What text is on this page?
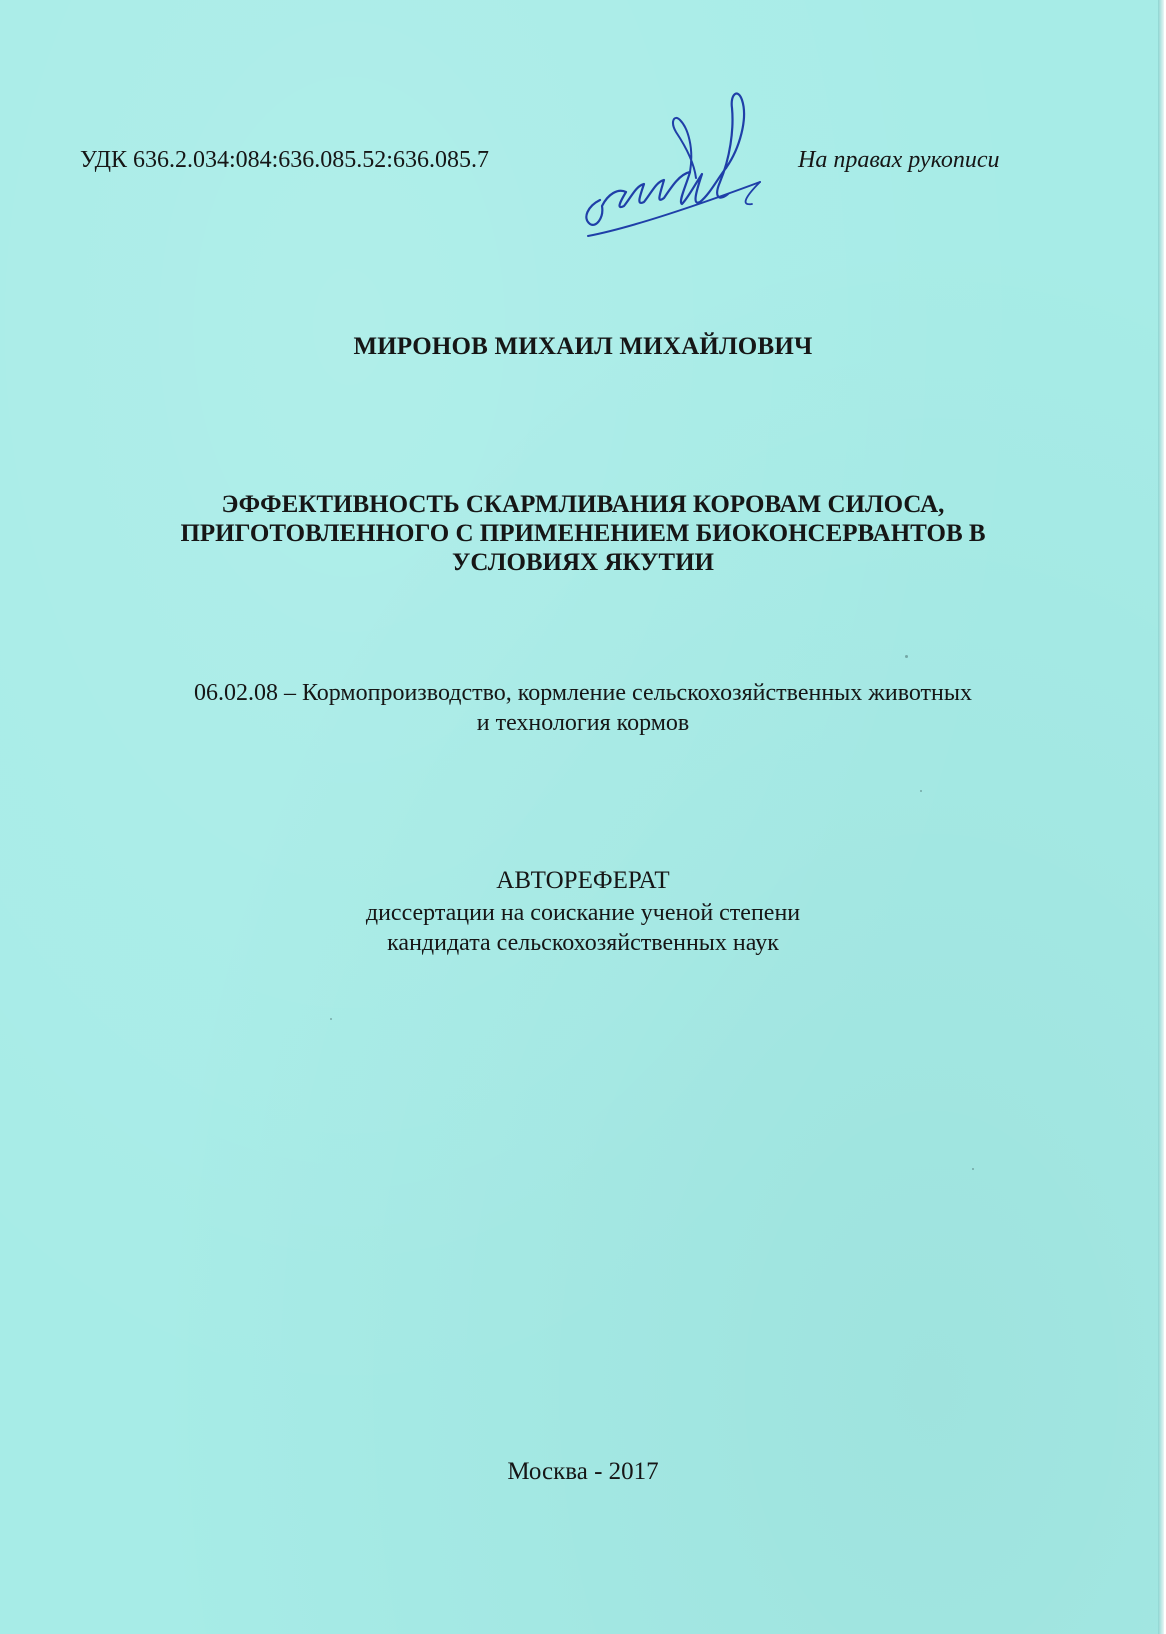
УДК 636.2.034:084:636.085.52:636.085.7	На правах рукописи
МИРОНОВ МИХАИЛ МИХАЙЛОВИЧ
ЭФФЕКТИВНОСТЬ СКАРМЛИВАНИЯ КОРОВАМ СИЛОСА, ПРИГОТОВЛЕННОГО С ПРИМЕНЕНИЕМ БИОКОНСЕРВАНТОВ В УСЛОВИЯХ ЯКУТИИ
06.02.08 – Кормопроизводство, кормление сельскохозяйственных животных
и технология кормов
АВТОРЕФЕРАТ
диссертации на соискание ученой степени
кандидата сельскохозяйственных наук
Москва - 2017
